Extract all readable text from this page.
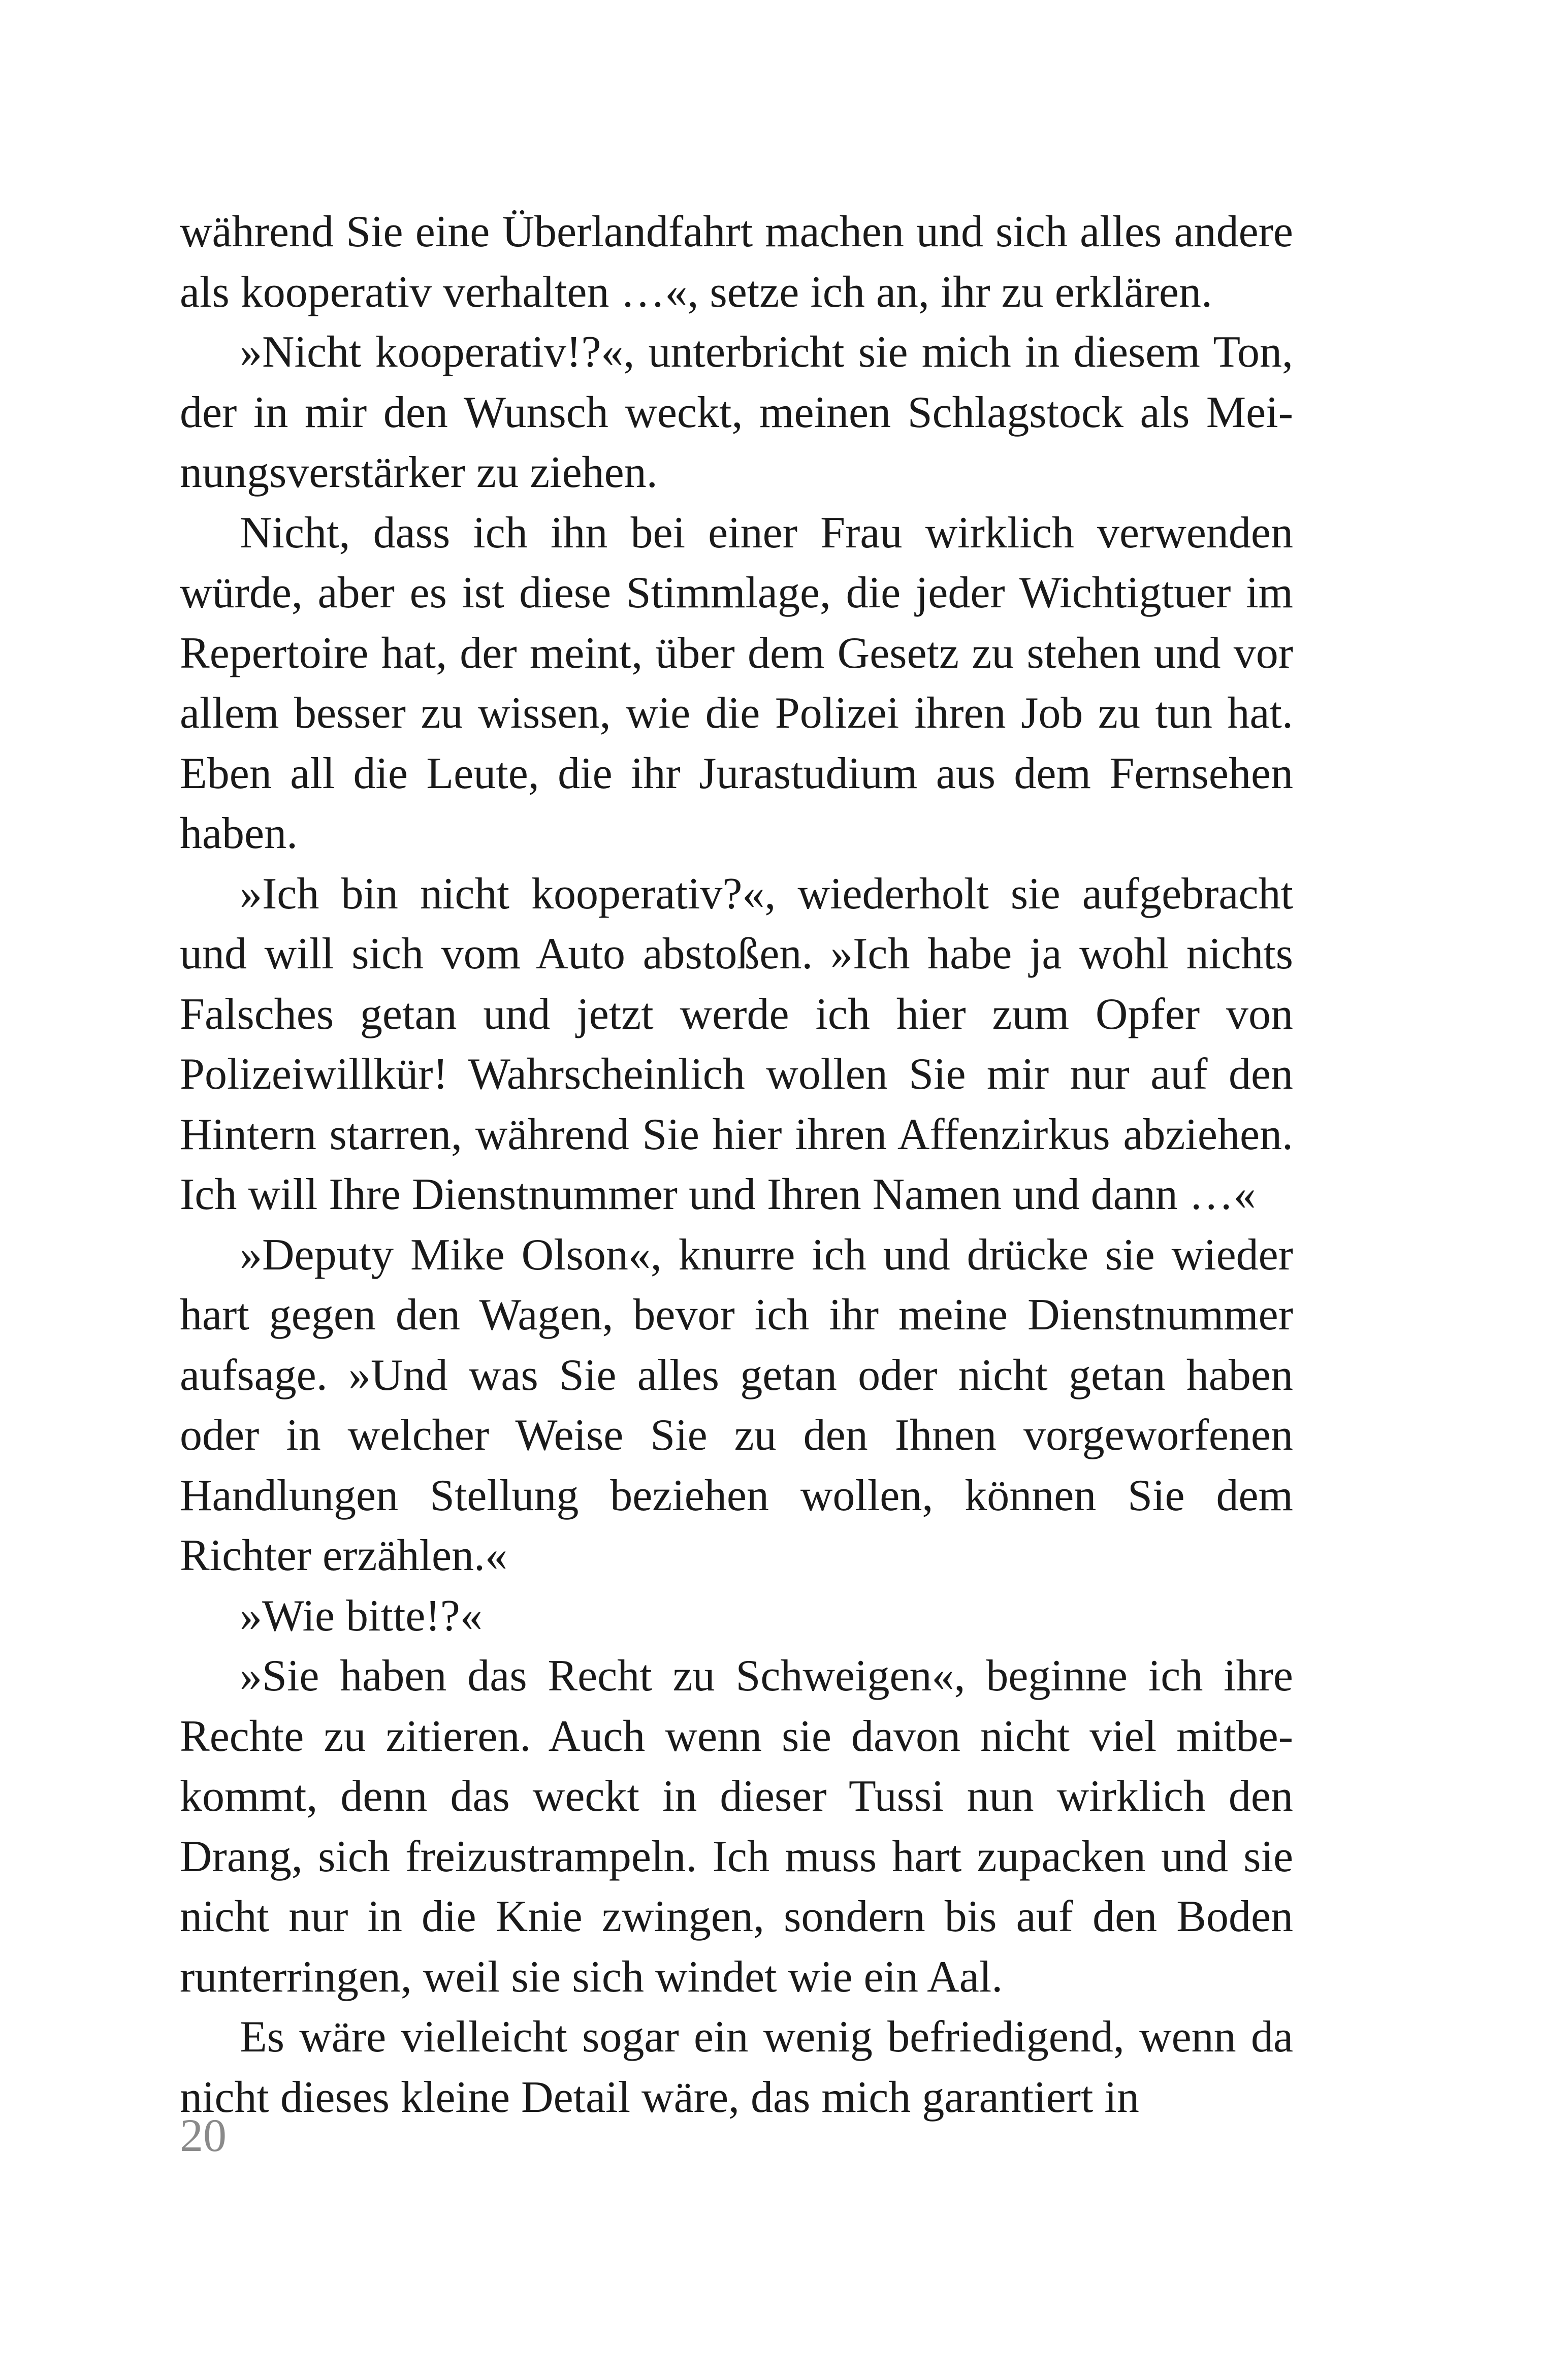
während Sie eine Überlandfahrt machen und sich alles andere als kooperativ verhalten …«, setze ich an, ihr zu erklären.

»Nicht kooperativ!?«, unterbricht sie mich in diesem Ton, der in mir den Wunsch weckt, meinen Schlagstock als Meinungsverstärker zu ziehen.

Nicht, dass ich ihn bei einer Frau wirklich verwenden würde, aber es ist diese Stimmlage, die jeder Wichtigtuer im Repertoire hat, der meint, über dem Gesetz zu stehen und vor allem besser zu wissen, wie die Polizei ihren Job zu tun hat. Eben all die Leute, die ihr Jurastudium aus dem Fernsehen haben.

»Ich bin nicht kooperativ?«, wiederholt sie aufgebracht und will sich vom Auto abstoßen. »Ich habe ja wohl nichts Falsches getan und jetzt werde ich hier zum Opfer von Polizeiwillkür! Wahrscheinlich wollen Sie mir nur auf den Hintern starren, während Sie hier ihren Affenzirkus abziehen. Ich will Ihre Dienstnummer und Ihren Namen und dann …«

»Deputy Mike Olson«, knurre ich und drücke sie wieder hart gegen den Wagen, bevor ich ihr meine Dienstnummer aufsage. »Und was Sie alles getan oder nicht getan haben oder in welcher Weise Sie zu den Ihnen vorgeworfenen Handlungen Stellung beziehen wollen, können Sie dem Richter erzählen.«

»Wie bitte!?«

»Sie haben das Recht zu Schweigen«, beginne ich ihre Rechte zu zitieren. Auch wenn sie davon nicht viel mitbekommt, denn das weckt in dieser Tussi nun wirklich den Drang, sich freizustrampeln. Ich muss hart zupacken und sie nicht nur in die Knie zwingen, sondern bis auf den Boden runterringen, weil sie sich windet wie ein Aal.

Es wäre vielleicht sogar ein wenig befriedigend, wenn da nicht dieses kleine Detail wäre, das mich garantiert in

20
